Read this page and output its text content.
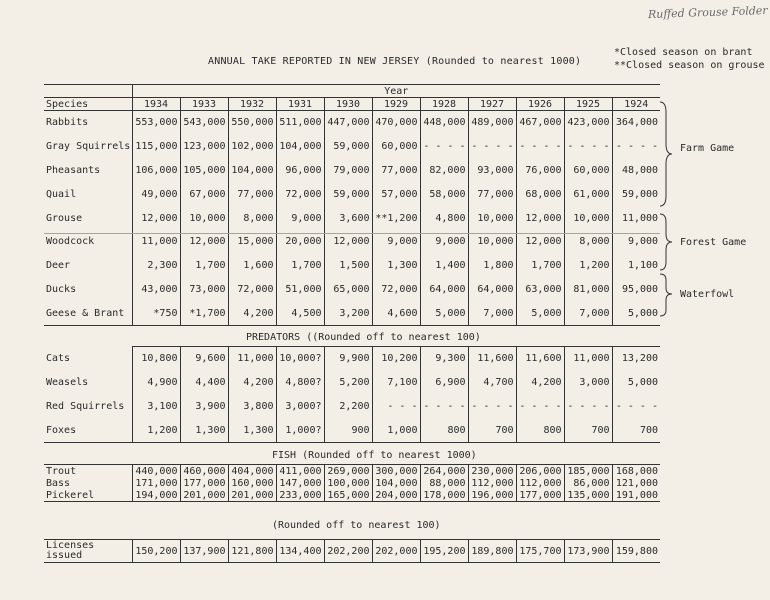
Ruffed Grouse Folder
ANNUAL TAKE REPORTED IN NEW JERSEY (Rounded to nearest 1000)
*Closed season on brant
**Closed season on grouse
	Year										
Species	1934	1933	1932	1931	1930	1929	1928	1927	1926	1925	1924
Rabbits	553,000	543,000	550,000	511,000	447,000	470,000	448,000	489,000	467,000	423,000	364,000
Gray Squirrels	115,000	123,000	102,000	104,000	59,000	60,000	- - - -	- - - -	- - - -	- - - -	- - - -
Pheasants	106,000	105,000	104,000	96,000	79,000	77,000	82,000	93,000	76,000	60,000	48,000
Quail	49,000	67,000	77,000	72,000	59,000	57,000	58,000	77,000	68,000	61,000	59,000
Grouse	12,000	10,000	8,000	9,000	3,600	**1,200	4,800	10,000	12,000	10,000	11,000
Woodcock	11,000	12,000	15,000	20,000	12,000	9,000	9,000	10,000	12,000	8,000	9,000
Deer	2,300	1,700	1,600	1,700	1,500	1,300	1,400	1,800	1,700	1,200	1,100
Ducks	43,000	73,000	72,000	51,000	65,000	72,000	64,000	64,000	63,000	81,000	95,000
Geese & Brant	*750	*1,700	4,200	4,500	3,200	4,600	5,000	7,000	5,000	7,000	5,000
Farm Game
Forest Game
Waterfowl
PREDATORS ((Rounded off to nearest 100)
Cats	10,800	9,600	11,000	10,000?	9,900	10,200	9,300	11,600	11,600	11,000	13,200
Weasels	4,900	4,400	4,200	4,800?	5,200	7,100	6,900	4,700	4,200	3,000	5,000
Red Squirrels	3,100	3,900	3,800	3,000?	2,200	- - -	- - - -	- - - -	- - - -	- - - -	- - - -
Foxes	1,200	1,300	1,300	1,000?	900	1,000	800	700	800	700	700
FISH (Rounded off to nearest 1000)
Trout	440,000	460,000	404,000	411,000	269,000	300,000	264,000	230,000	206,000	185,000	168,000
Bass	171,000	177,000	160,000	147,000	100,000	104,000	88,000	112,000	112,000	86,000	121,000
Pickerel	194,000	201,000	201,000	233,000	165,000	204,000	178,000	196,000	177,000	135,000	191,000
(Rounded off to nearest 100)
Licenses issued	150,200	137,900	121,800	134,400	202,200	202,000	195,200	189,800	175,700	173,900	159,800
